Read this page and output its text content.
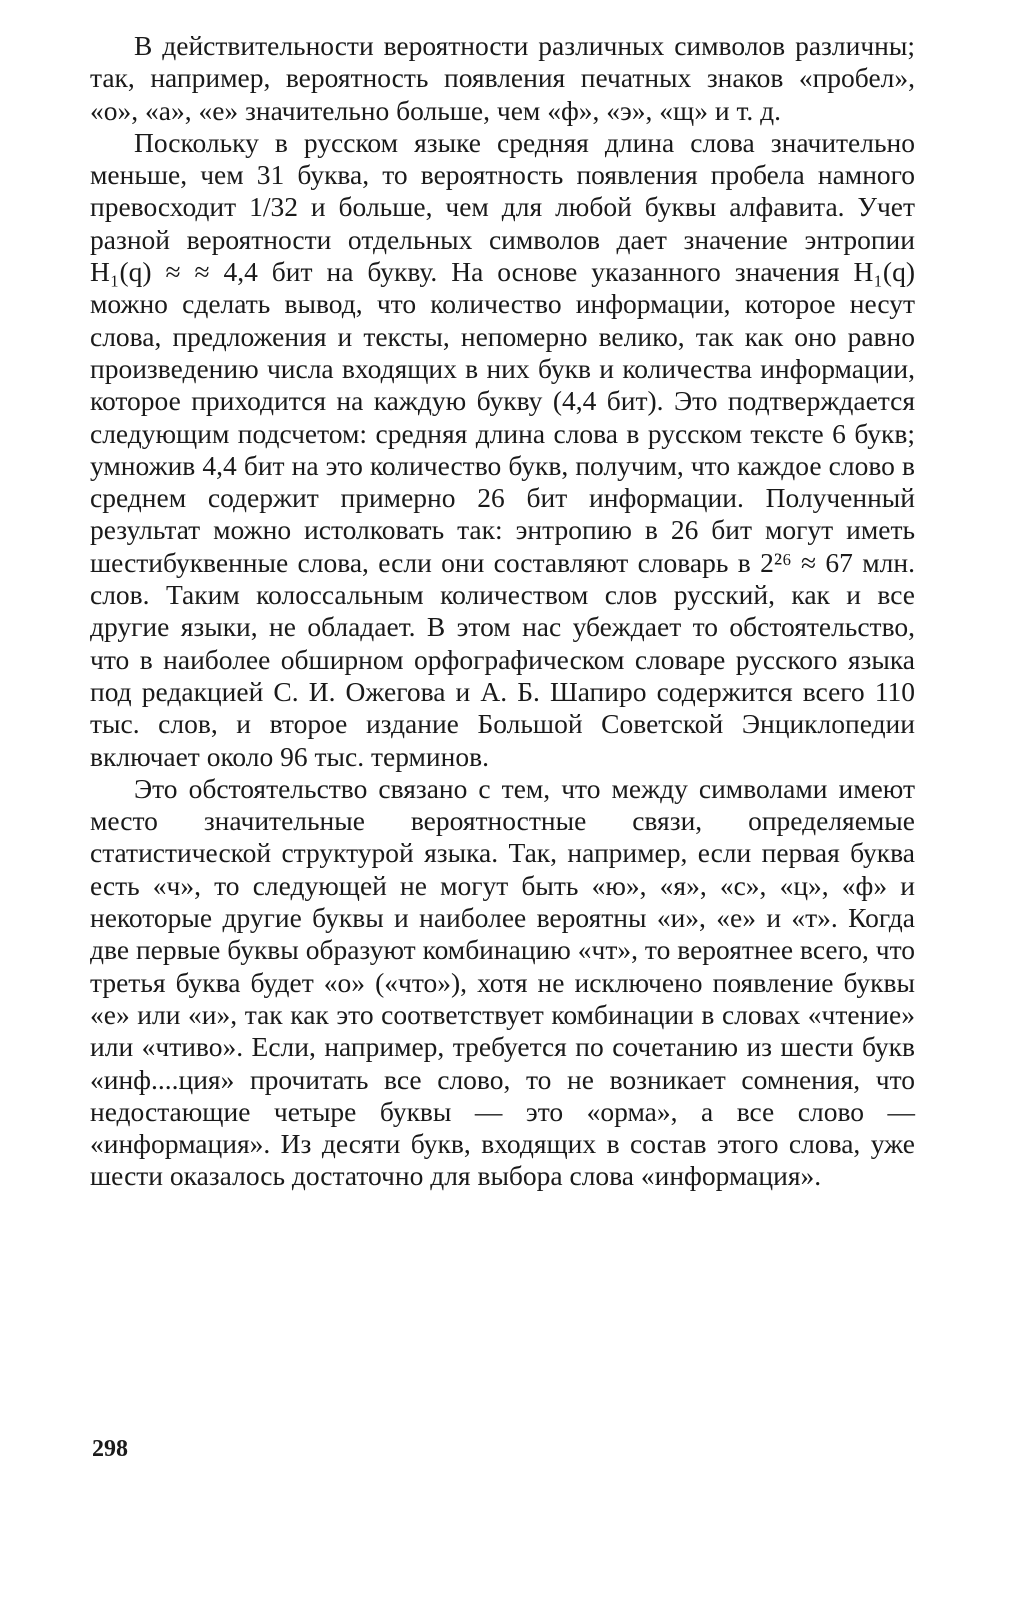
В действительности вероятности различных символов различны; так, например, вероятность появления печатных знаков «пробел», «о», «а», «е» значительно больше, чем «ф», «э», «щ» и т. д.

Поскольку в русском языке средняя длина слова значительно меньше, чем 31 буква, то вероятность появления пробела намного превосходит 1/32 и больше, чем для любой буквы алфавита. Учет разной вероятности отдельных символов дает значение энтропии H₁(q) ≈ ≈ 4,4 бит на букву. На основе указанного значения H₁(q) можно сделать вывод, что количество информации, которое несут слова, предложения и тексты, непомерно велико, так как оно равно произведению числа входящих в них букв и количества информации, которое приходится на каждую букву (4,4 бит). Это подтверждается следующим подсчетом: средняя длина слова в русском тексте 6 букв; умножив 4,4 бит на это количество букв, получим, что каждое слово в среднем содержит примерно 26 бит информации. Полученный результат можно истолковать так: энтропию в 26 бит могут иметь шестибуквенные слова, если они составляют словарь в 2²⁶ ≈ 67 млн. слов. Таким колоссальным количеством слов русский, как и все другие языки, не обладает. В этом нас убеждает то обстоятельство, что в наиболее обширном орфографическом словаре русского языка под редакцией С. И. Ожегова и А. Б. Шапиро содержится всего 110 тыс. слов, и второе издание Большой Советской Энциклопедии включает около 96 тыс. терминов.

Это обстоятельство связано с тем, что между символами имеют место значительные вероятностные связи, определяемые статистической структурой языка. Так, например, если первая буква есть «ч», то следующей не могут быть «ю», «я», «с», «ц», «ф» и некоторые другие буквы и наиболее вероятны «и», «е» и «т». Когда две первые буквы образуют комбинацию «чт», то вероятнее всего, что третья буква будет «о» («что»), хотя не исключено появление буквы «е» или «и», так как это соответствует комбинации в словах «чтение» или «чтиво». Если, например, требуется по сочетанию из шести букв «инф....ция» прочитать все слово, то не возникает сомнения, что недостающие четыре буквы — это «орма», а все слово — «информация». Из десяти букв, входящих в состав этого слова, уже шести оказалось достаточно для выбора слова «информация».

298
